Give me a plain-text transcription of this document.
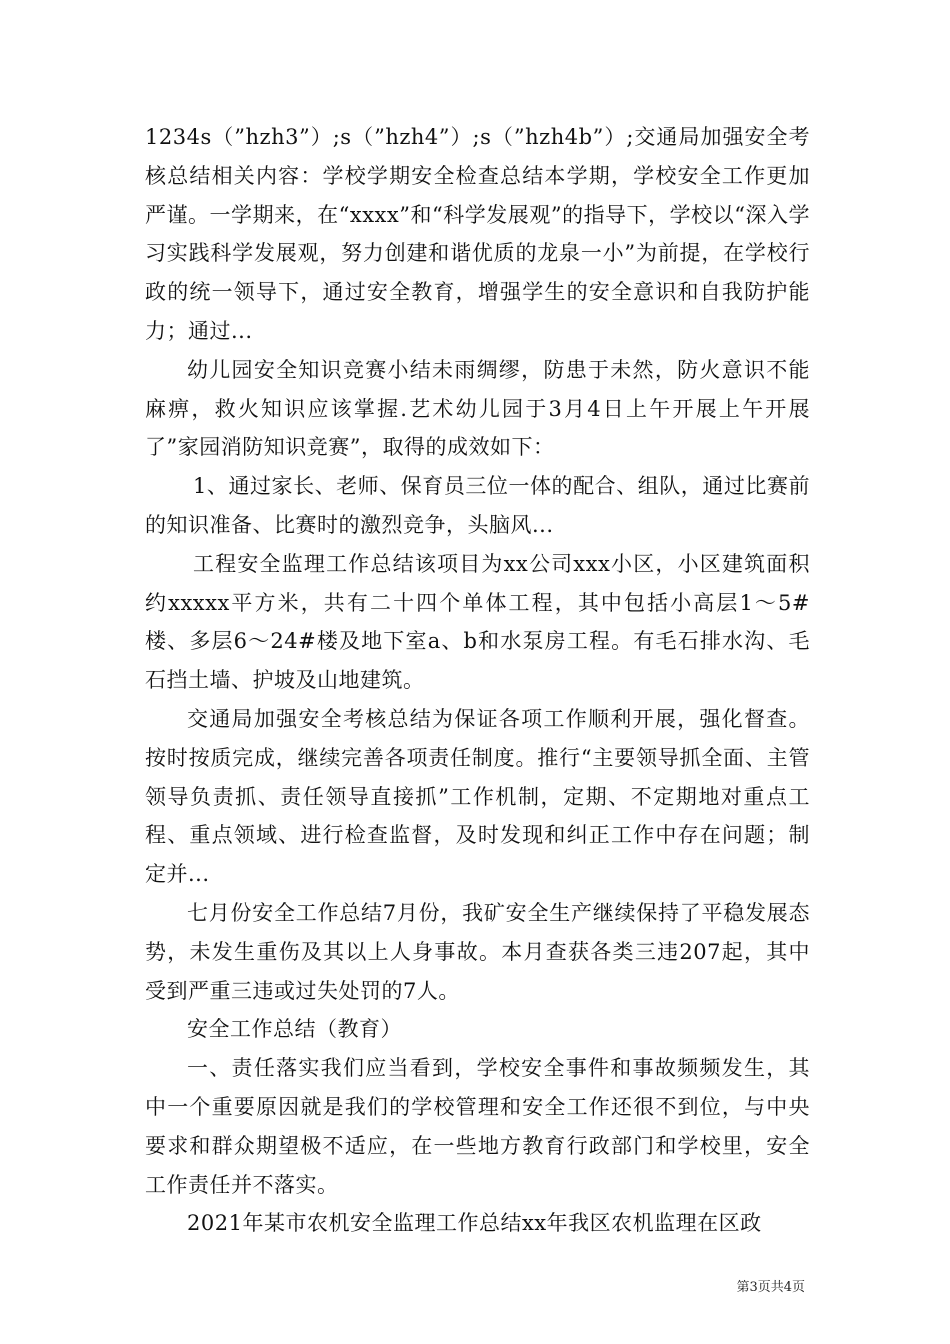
1234s（”hzh3”）;s（”hzh4”）;s（”hzh4b”）;交通局加强安全考核总结相关内容：学校学期安全检查总结本学期，学校安全工作更加严谨。一学期来，在“xxxx”和“科学发展观”的指导下，学校以“深入学习实践科学发展观，努力创建和谐优质的龙泉一小”为前提，在学校行政的统一领导下，通过安全教育，增强学生的安全意识和自我防护能力；通过...

幼儿园安全知识竞赛小结未雨绸缪，防患于未然，防火意识不能麻痹，救火知识应该掌握.艺术幼儿园于3月4日上午开展上午开展了”家园消防知识竞赛”，取得的成效如下：

1、通过家长、老师、保育员三位一体的配合、组队，通过比赛前的知识准备、比赛时的激烈竞争，头脑风...

工程安全监理工作总结该项目为xx公司xxx小区，小区建筑面积约xxxxx平方米，共有二十四个单体工程，其中包括小高层1～5#楼、多层6～24#楼及地下室a、b和水泵房工程。有毛石排水沟、毛石挡土墙、护坡及山地建筑。

交通局加强安全考核总结为保证各项工作顺利开展，强化督查。按时按质完成，继续完善各项责任制度。推行“主要领导抓全面、主管领导负责抓、责任领导直接抓”工作机制，定期、不定期地对重点工程、重点领域、进行检查监督，及时发现和纠正工作中存在问题；制定并...

七月份安全工作总结7月份，我矿安全生产继续保持了平稳发展态势，未发生重伤及其以上人身事故。本月查获各类三违207起，其中受到严重三违或过失处罚的7人。

安全工作总结（教育）

一、责任落实我们应当看到，学校安全事件和事故频频发生，其中一个重要原因就是我们的学校管理和安全工作还很不到位，与中央要求和群众期望极不适应，在一些地方教育行政部门和学校里，安全工作责任并不落实。

2021年某市农机安全监理工作总结xx年我区农机监理在区政

第3页共4页
